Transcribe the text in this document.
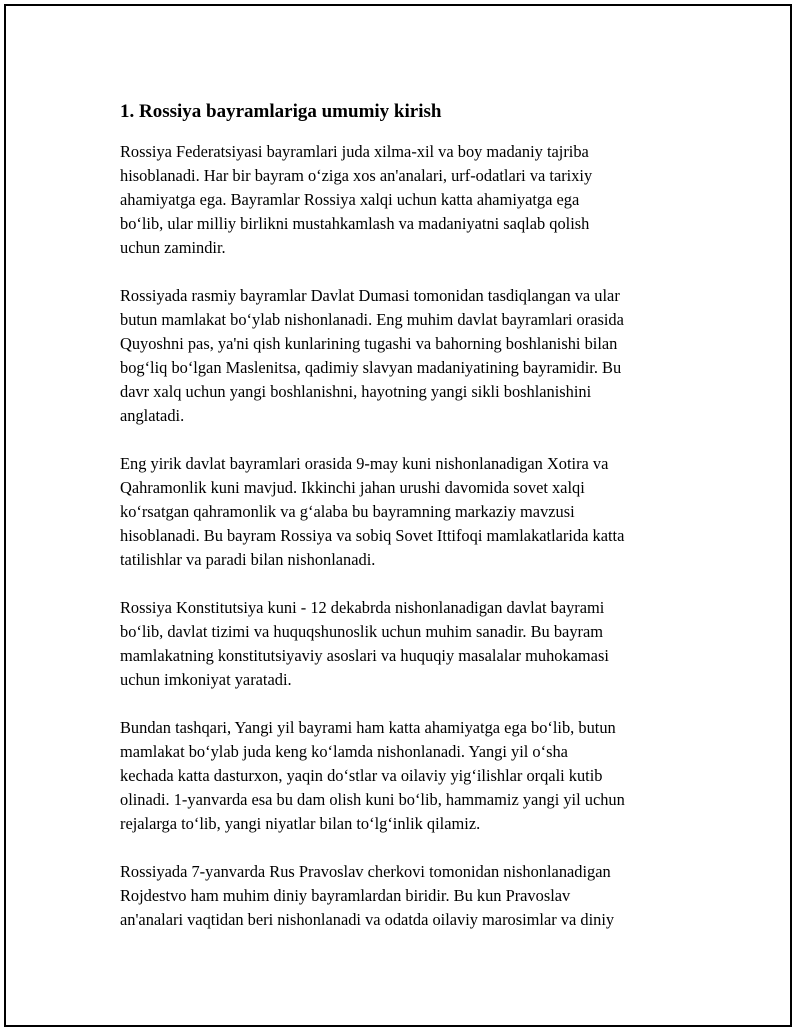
1. Rossiya bayramlariga umumiy kirish

Rossiya Federatsiyasi bayramlari juda xilma-xil va boy madaniy tajriba
hisoblanadi. Har bir bayram o‘ziga xos an'analari, urf-odatlari va tarixiy
ahamiyatga ega. Bayramlar Rossiya xalqi uchun katta ahamiyatga ega
bo‘lib, ular milliy birlikni mustahkamlash va madaniyatni saqlab qolish
uchun zamindir.

Rossiyada rasmiy bayramlar Davlat Dumasi tomonidan tasdiqlangan va ular
butun mamlakat bo‘ylab nishonlanadi. Eng muhim davlat bayramlari orasida
Quyoshni pas, ya'ni qish kunlarining tugashi va bahorning boshlanishi bilan
bog‘liq bo‘lgan Maslenitsa, qadimiy slavyan madaniyatining bayramidir. Bu
davr xalq uchun yangi boshlanishni, hayotning yangi sikli boshlanishini
anglatadi.

Eng yirik davlat bayramlari orasida 9-may kuni nishonlanadigan Xotira va
Qahramonlik kuni mavjud. Ikkinchi jahan urushi davomida sovet xalqi
ko‘rsatgan qahramonlik va g‘alaba bu bayramning markaziy mavzusi
hisoblanadi. Bu bayram Rossiya va sobiq Sovet Ittifoqi mamlakatlarida katta
tatilishlar va paradi bilan nishonlanadi.

Rossiya Konstitutsiya kuni - 12 dekabrda nishonlanadigan davlat bayrami
bo‘lib, davlat tizimi va huquqshunoslik uchun muhim sanadir. Bu bayram
mamlakatning konstitutsiyaviy asoslari va huquqiy masalalar muhokamasi
uchun imkoniyat yaratadi.

Bundan tashqari, Yangi yil bayrami ham katta ahamiyatga ega bo‘lib, butun
mamlakat bo‘ylab juda keng ko‘lamda nishonlanadi. Yangi yil o‘sha
kechada katta dasturxon, yaqin do‘stlar va oilaviy yig‘ilishlar orqali kutib
olinadi. 1-yanvarda esa bu dam olish kuni bo‘lib, hammamiz yangi yil uchun
rejalarga to‘lib, yangi niyatlar bilan to‘lg‘inlik qilamiz.

Rossiyada 7-yanvarda Rus Pravoslav cherkovi tomonidan nishonlanadigan
Rojdestvo ham muhim diniy bayramlardan biridir. Bu kun Pravoslav
an'analari vaqtidan beri nishonlanadi va odatda oilaviy marosimlar va diniy
